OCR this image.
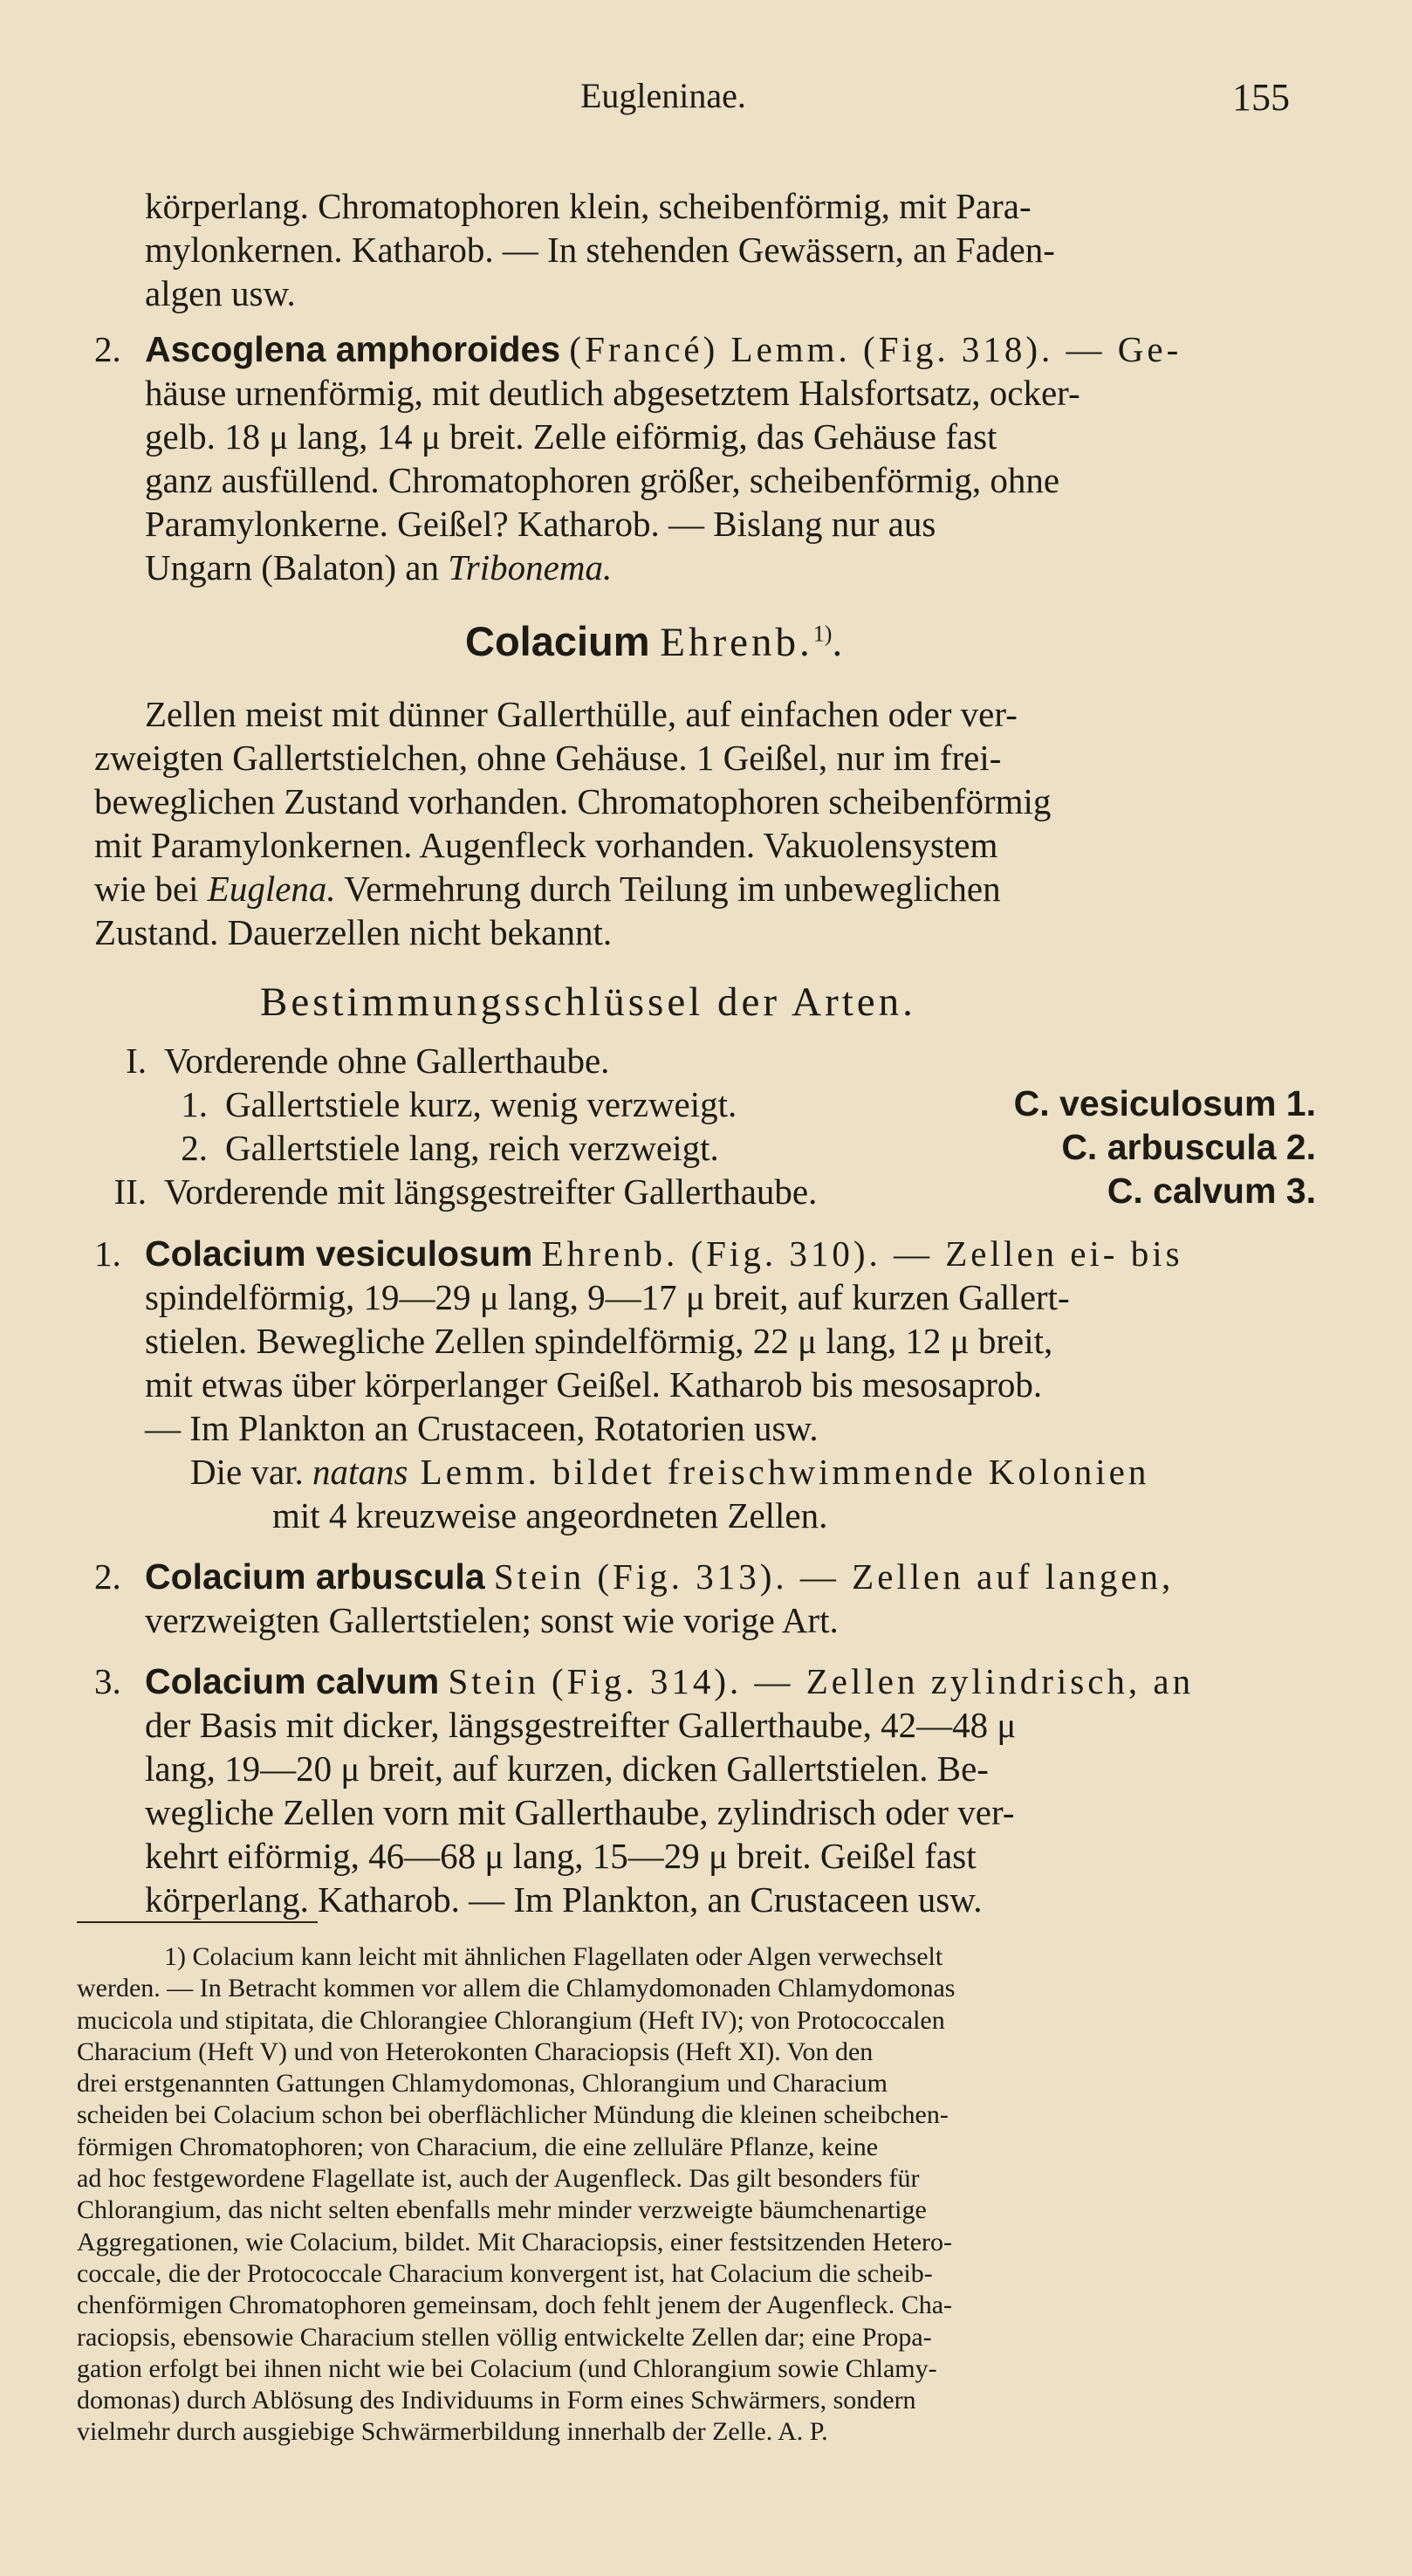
Eugleninae.	155
körperlang. Chromatophoren klein, scheibenförmig, mit Para-
mylonkernen. Katharob. — In stehenden Gewässern, an Faden-
algen usw.
2. Ascoglena amphoroides (Francé) Lemm. (Fig. 318). — Ge-
häuse urnenförmig, mit deutlich abgesetztem Halsfortsatz, ocker-
gelb. 18 μ lang, 14 μ breit. Zelle eiförmig, das Gehäuse fast
ganz ausfüllend. Chromatophoren größer, scheibenförmig, ohne
Paramylonkerne. Geißel? Katharob. — Bislang nur aus
Ungarn (Balaton) an Tribonema.
Colacium Ehrenb.$^{1)}$.
Zellen meist mit dünner Gallerthülle, auf einfachen oder ver-
zweigten Gallertstielchen, ohne Gehäuse. 1 Geißel, nur im frei-
beweglichen Zustand vorhanden. Chromatophoren scheibenförmig
mit Paramylonkernen. Augenfleck vorhanden. Vakuolensystem
wie bei Euglena. Vermehrung durch Teilung im unbeweglichen
Zustand. Dauerzellen nicht bekannt.
Bestimmungsschlüssel der Arten.
I. Vorderende ohne Gallerthaube.
1. Gallertstiele kurz, wenig verzweigt.	C. vesiculosum 1.
2. Gallertstiele lang, reich verzweigt.	C. arbuscula 2.
II. Vorderende mit längsgestreifter Gallerthaube.	C. calvum 3.
1. Colacium vesiculosum Ehrenb. (Fig. 310). — Zellen ei- bis
spindelförmig, 19—29 μ lang, 9—17 μ breit, auf kurzen Gallert-
stielen. Bewegliche Zellen spindelförmig, 22 μ lang, 12 μ breit,
mit etwas über körperlanger Geißel. Katharob bis mesosaprob.
— Im Plankton an Crustaceen, Rotatorien usw.
Die var. natans Lemm. bildet freischwimmende Kolonien
mit 4 kreuzweise angeordneten Zellen.
2. Colacium arbuscula Stein (Fig. 313). — Zellen auf langen,
verzweigten Gallertstielen; sonst wie vorige Art.
3. Colacium calvum Stein (Fig. 314). — Zellen zylindrisch, an
der Basis mit dicker, längsgestreifter Gallerthaube, 42—48 μ
lang, 19—20 μ breit, auf kurzen, dicken Gallertstielen. Be-
wegliche Zellen vorn mit Gallerthaube, zylindrisch oder ver-
kehrt eiförmig, 46—68 μ lang, 15—29 μ breit. Geißel fast
körperlang. Katharob. — Im Plankton, an Crustaceen usw.
1) Colacium kann leicht mit ähnlichen Flagellaten oder Algen verwechselt
werden. — In Betracht kommen vor allem die Chlamydomonaden Chlamydomonas
mucicola und stipitata, die Chlorangiee Chlorangium (Heft IV); von Protococcalen
Characium (Heft V) und von Heterokonten Characiopsis (Heft XI). Von den
drei erstgenannten Gattungen Chlamydomonas, Chlorangium und Characium
scheiden bei Colacium schon bei oberflächlicher Mündung die kleinen scheibchen-
förmigen Chromatophoren; von Characium, die eine zelluläre Pflanze, keine
ad hoc festgewordene Flagellate ist, auch der Augenfleck. Das gilt besonders für
Chlorangium, das nicht selten ebenfalls mehr minder verzweigte bäumchenartige
Aggregationen, wie Colacium, bildet. Mit Characiopsis, einer festsitzenden Hetero-
coccale, die der Protococcale Characium konvergent ist, hat Colacium die scheib-
chenförmigen Chromatophoren gemeinsam, doch fehlt jenem der Augenfleck. Cha-
raciopsis, ebensowie Characium stellen völlig entwickelte Zellen dar; eine Propa-
gation erfolgt bei ihnen nicht wie bei Colacium (und Chlorangium sowie Chlamy-
domonas) durch Ablösung des Individuums in Form eines Schwärmers, sondern
vielmehr durch ausgiebige Schwärmerbildung innerhalb der Zelle. A. P.
